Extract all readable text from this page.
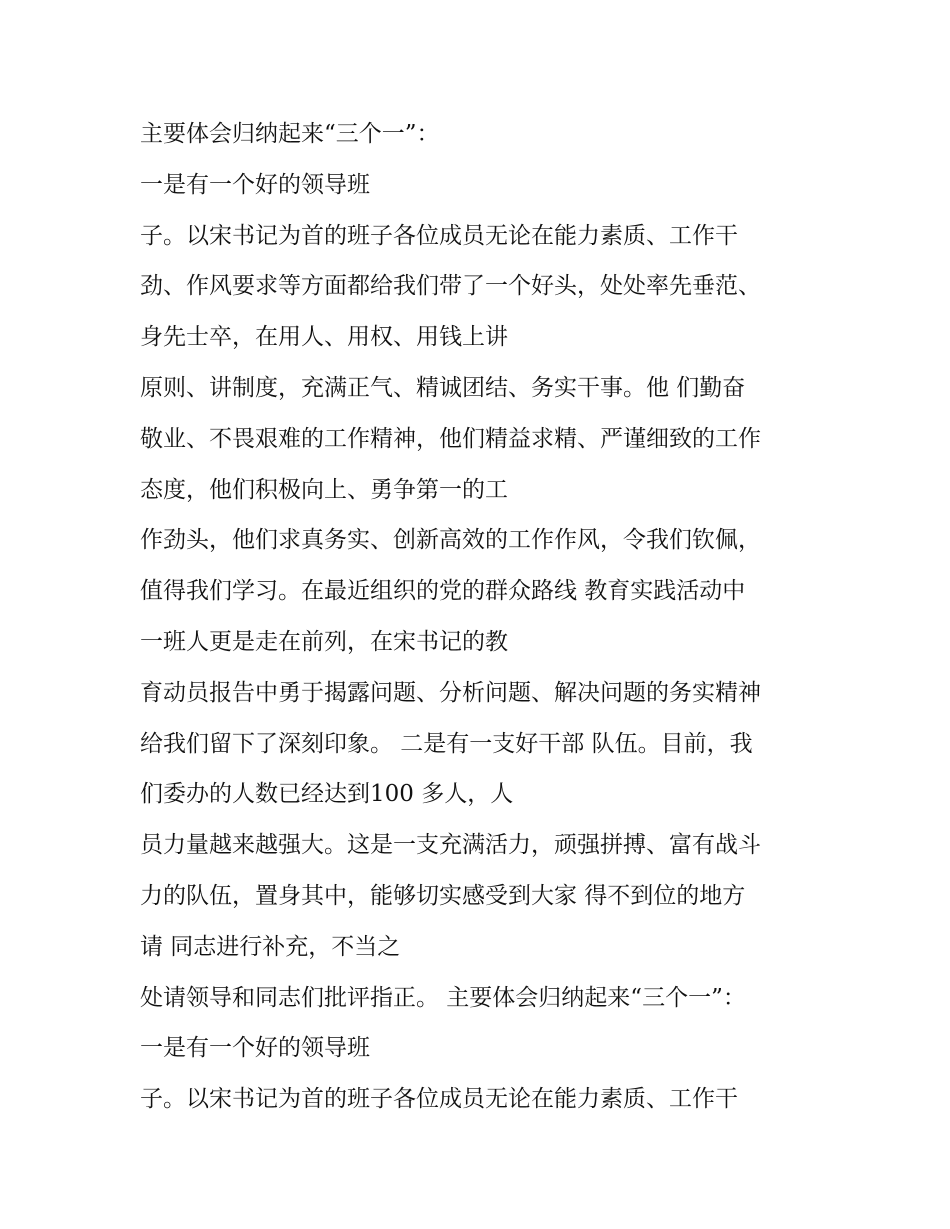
主要体会归纳起来“三个一”：
一是有一个好的领导班
子。以宋书记为首的班子各位成员无论在能力素质、工作干
劲、作风要求等方面都给我们带了一个好头，处处率先垂范、
身先士卒，在用人、用权、用钱上讲
原则、讲制度，充满正气、精诚团结、务实干事。他 们勤奋
敬业、不畏艰难的工作精神，他们精益求精、严谨细致的工作
态度，他们积极向上、勇争第一的工
作劲头，他们求真务实、创新高效的工作作风，令我们钦佩，
值得我们学习。在最近组织的党的群众路线 教育实践活动中
一班人更是走在前列，在宋书记的教
育动员报告中勇于揭露问题、分析问题、解决问题的务实精神
给我们留下了深刻印象。 二是有一支好干部 队伍。目前，我
们委办的人数已经达到100 多人，人
员力量越来越强大。这是一支充满活力，顽强拼搏、富有战斗
力的队伍，置身其中，能够切实感受到大家 得不到位的地方
请 同志进行补充，不当之
处请领导和同志们批评指正。 主要体会归纳起来“三个一”：
一是有一个好的领导班
子。以宋书记为首的班子各位成员无论在能力素质、工作干
